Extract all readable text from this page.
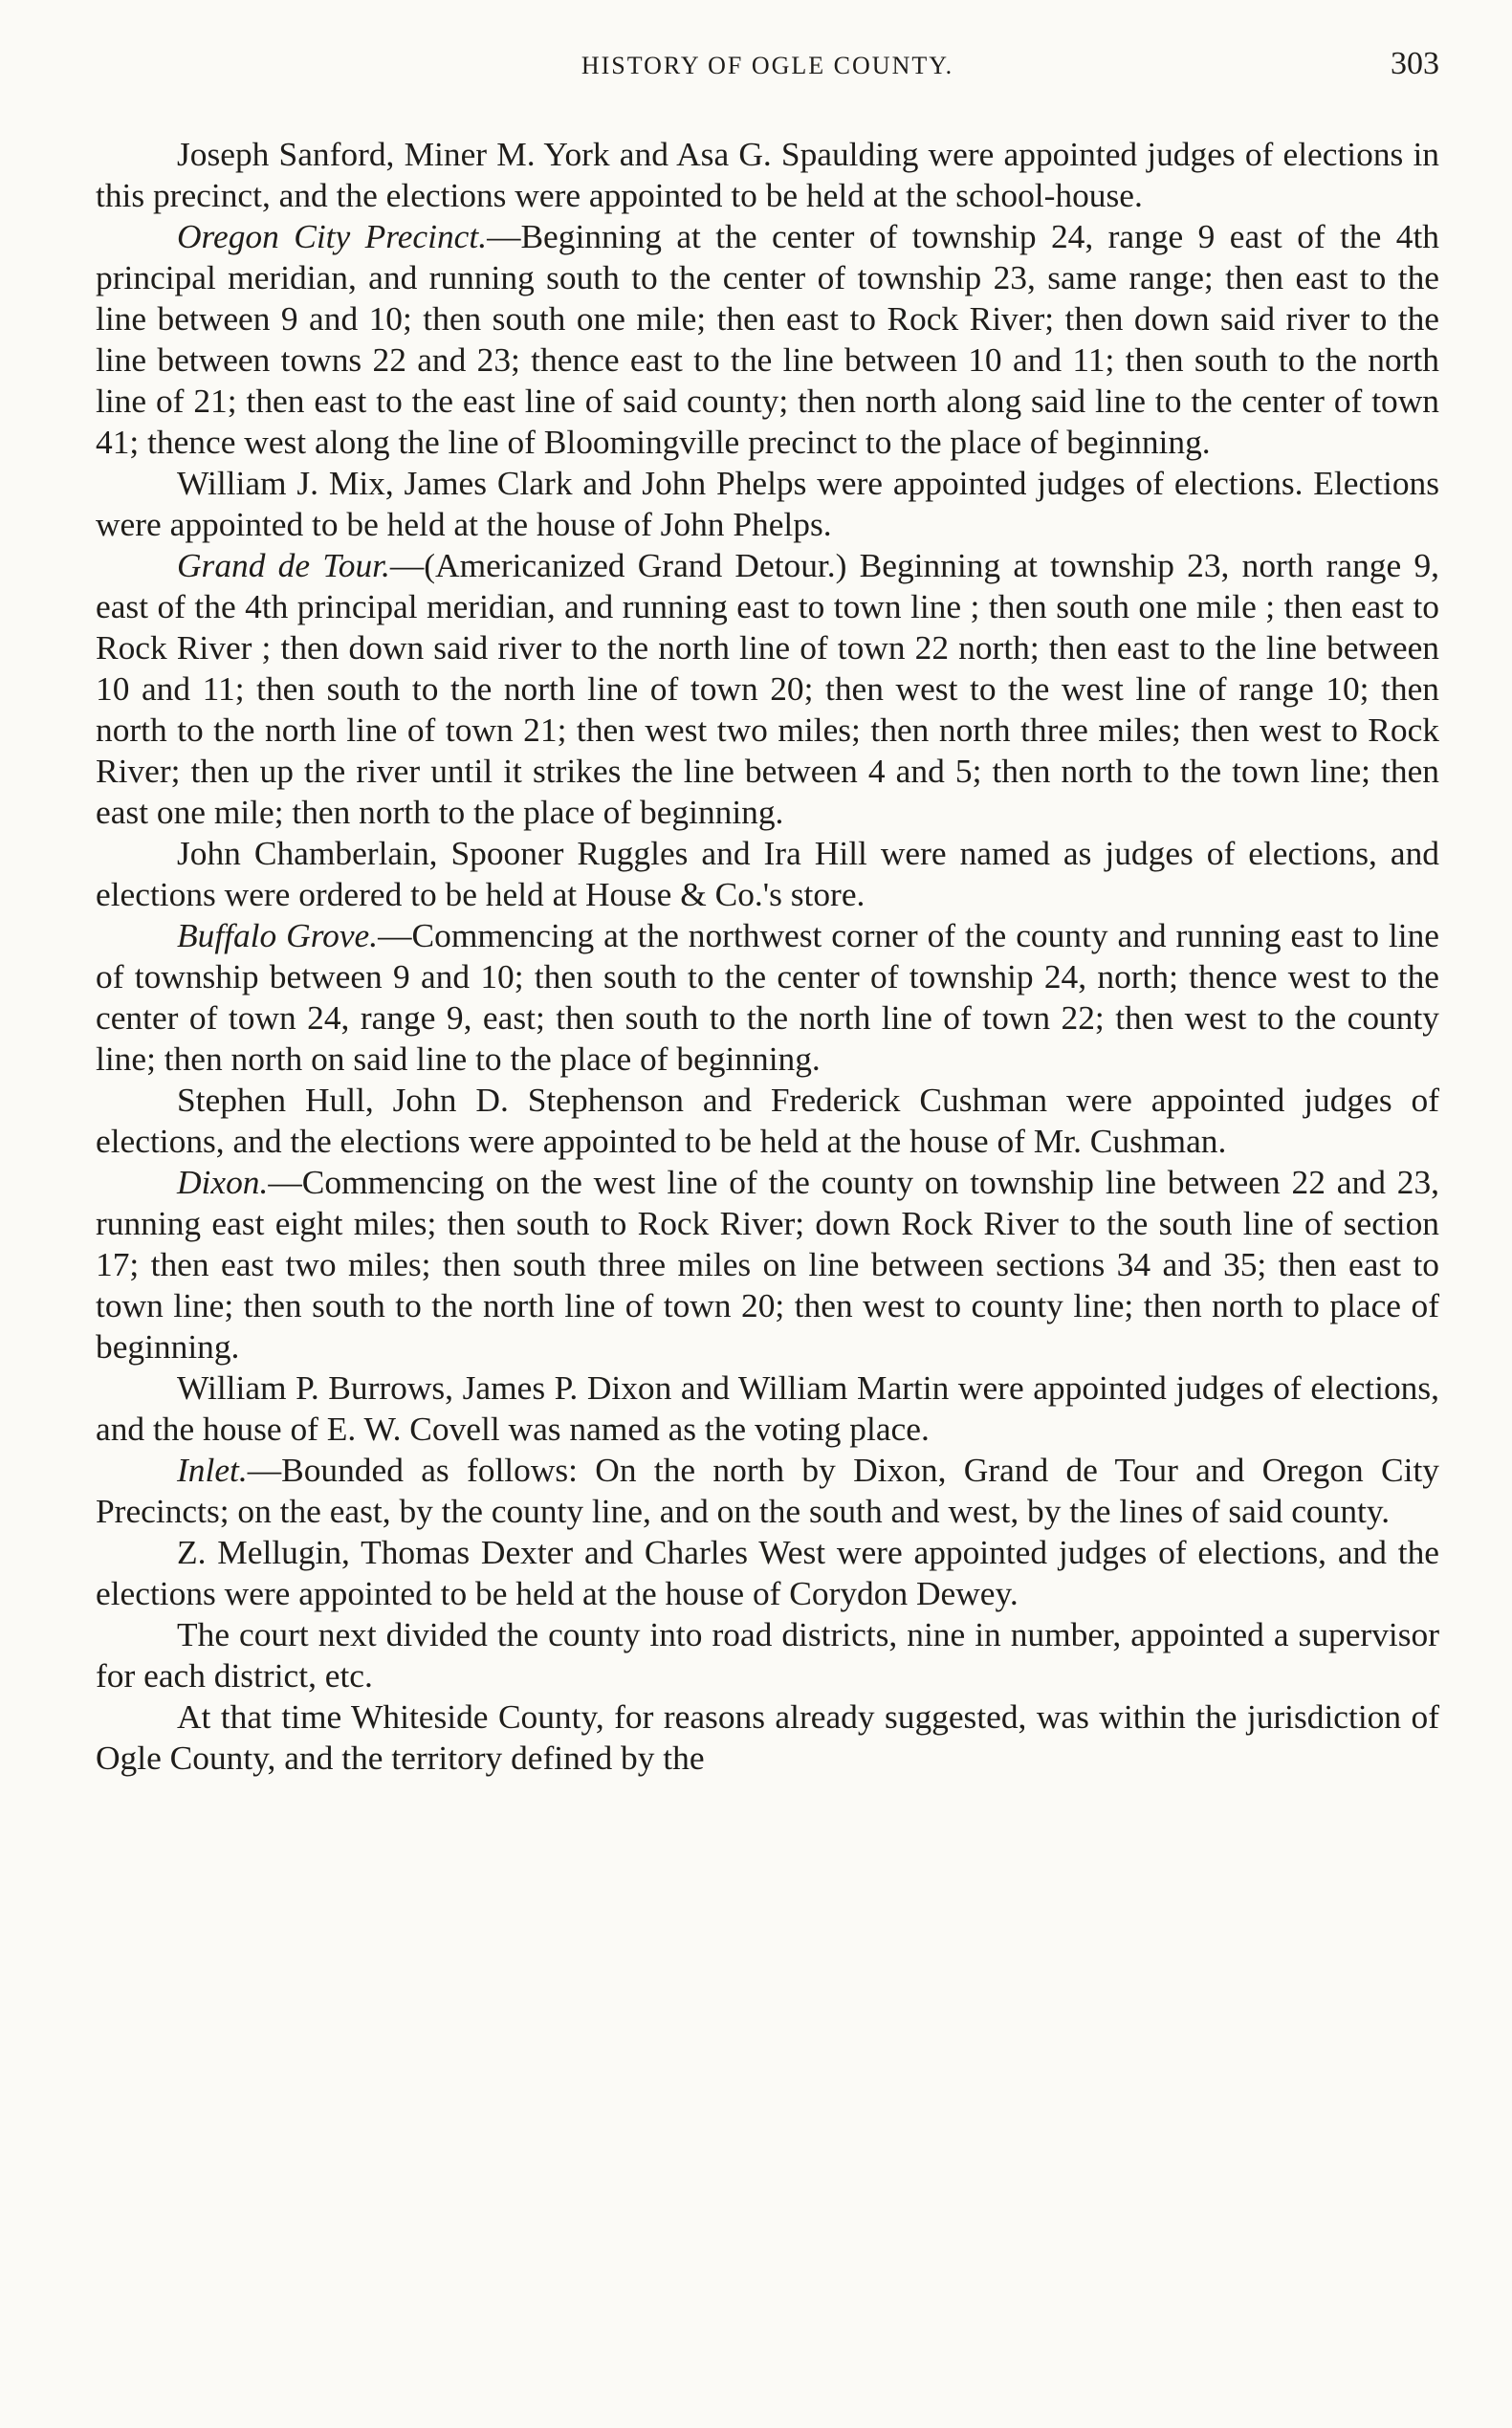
HISTORY OF OGLE COUNTY.	303

Joseph Sanford, Miner M. York and Asa G. Spaulding were appointed judges of elections in this precinct, and the elections were appointed to be held at the school-house.

Oregon City Precinct.—Beginning at the center of township 24, range 9 east of the 4th principal meridian, and running south to the center of township 23, same range; then east to the line between 9 and 10; then south one mile; then east to Rock River; then down said river to the line between towns 22 and 23; thence east to the line between 10 and 11; then south to the north line of 21; then east to the east line of said county; then north along said line to the center of town 41; thence west along the line of Bloomingville precinct to the place of beginning.

William J. Mix, James Clark and John Phelps were appointed judges of elections. Elections were appointed to be held at the house of John Phelps.

Grand de Tour.—(Americanized Grand Detour.) Beginning at township 23, north range 9, east of the 4th principal meridian, and running east to town line ; then south one mile ; then east to Rock River ; then down said river to the north line of town 22 north; then east to the line between 10 and 11; then south to the north line of town 20; then west to the west line of range 10; then north to the north line of town 21; then west two miles; then north three miles; then west to Rock River; then up the river until it strikes the line between 4 and 5; then north to the town line; then east one mile; then north to the place of beginning.

John Chamberlain, Spooner Ruggles and Ira Hill were named as judges of elections, and elections were ordered to be held at House & Co.'s store.

Buffalo Grove.—Commencing at the northwest corner of the county and running east to line of township between 9 and 10; then south to the center of township 24, north; thence west to the center of town 24, range 9, east; then south to the north line of town 22; then west to the county line; then north on said line to the place of beginning.

Stephen Hull, John D. Stephenson and Frederick Cushman were appointed judges of elections, and the elections were appointed to be held at the house of Mr. Cushman.

Dixon.—Commencing on the west line of the county on township line between 22 and 23, running east eight miles; then south to Rock River; down Rock River to the south line of section 17; then east two miles; then south three miles on line between sections 34 and 35; then east to town line; then south to the north line of town 20; then west to county line; then north to place of beginning.

William P. Burrows, James P. Dixon and William Martin were appointed judges of elections, and the house of E. W. Covell was named as the voting place.

Inlet.—Bounded as follows: On the north by Dixon, Grand de Tour and Oregon City Precincts; on the east, by the county line, and on the south and west, by the lines of said county.

Z. Mellugin, Thomas Dexter and Charles West were appointed judges of elections, and the elections were appointed to be held at the house of Corydon Dewey.

The court next divided the county into road districts, nine in number, appointed a supervisor for each district, etc.

At that time Whiteside County, for reasons already suggested, was within the jurisdiction of Ogle County, and the territory defined by the
